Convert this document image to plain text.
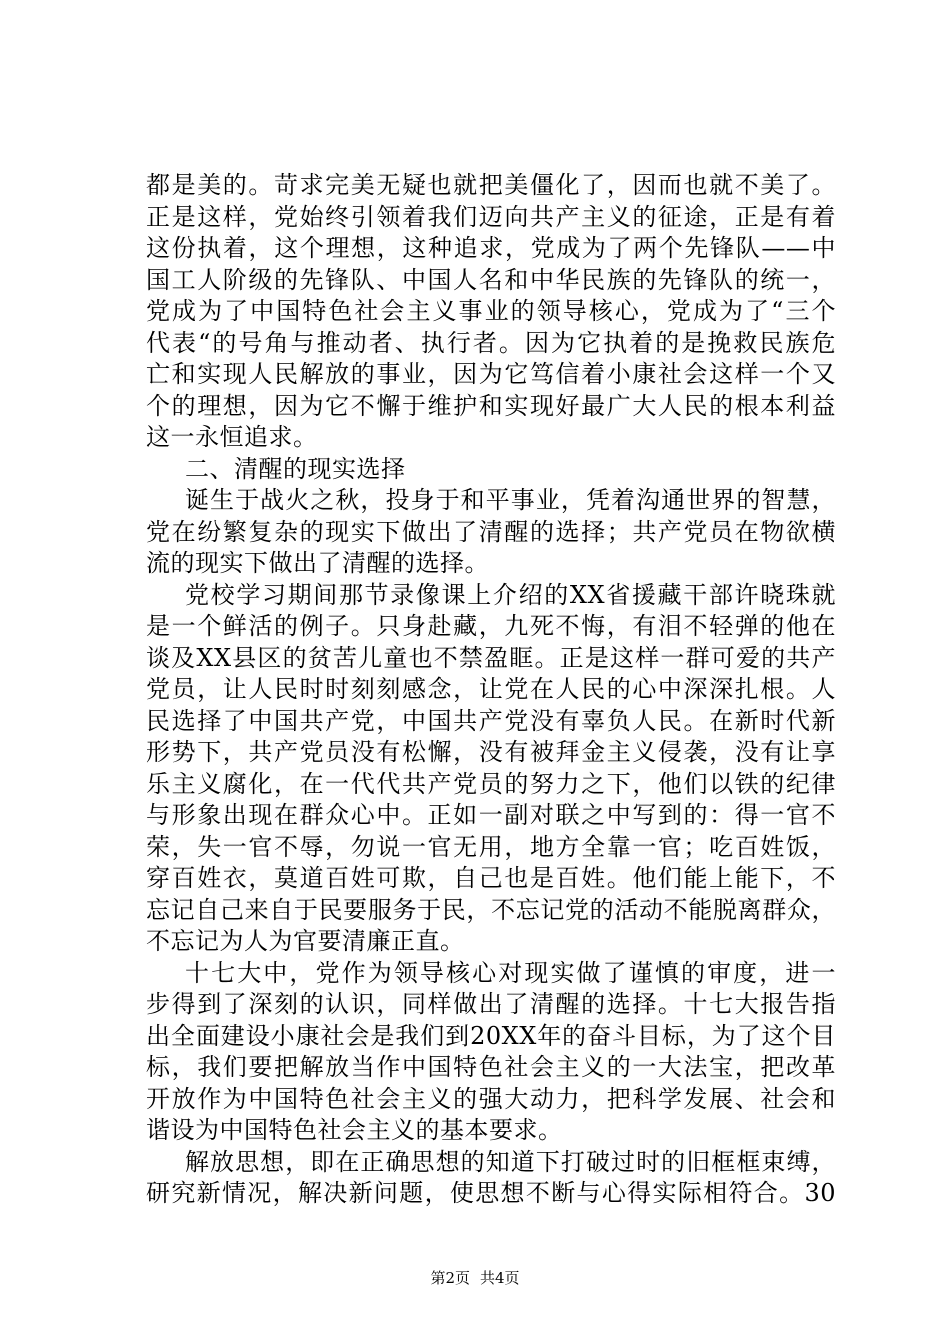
都是美的。苛求完美无疑也就把美僵化了，因而也就不美了。
正是这样，党始终引领着我们迈向共产主义的征途，正是有着
这份执着，这个理想，这种追求，党成为了两个先锋队——中
国工人阶级的先锋队、中国人名和中华民族的先锋队的统一，
党成为了中国特色社会主义事业的领导核心，党成为了“三个
代表“的号角与推动者、执行者。因为它执着的是挽救民族危
亡和实现人民解放的事业，因为它笃信着小康社会这样一个又
个的理想，因为它不懈于维护和实现好最广大人民的根本利益
这一永恒追求。
二、清醒的现实选择
诞生于战火之秋，投身于和平事业，凭着沟通世界的智慧，
党在纷繁复杂的现实下做出了清醒的选择；共产党员在物欲横
流的现实下做出了清醒的选择。
党校学习期间那节录像课上介绍的XX省援藏干部许晓珠就
是一个鲜活的例子。只身赴藏，九死不悔，有泪不轻弹的他在
谈及XX县区的贫苦儿童也不禁盈眶。正是这样一群可爱的共产
党员，让人民时时刻刻感念，让党在人民的心中深深扎根。人
民选择了中国共产党，中国共产党没有辜负人民。在新时代新
形势下，共产党员没有松懈，没有被拜金主义侵袭，没有让享
乐主义腐化，在一代代共产党员的努力之下，他们以铁的纪律
与形象出现在群众心中。正如一副对联之中写到的：得一官不
荣，失一官不辱，勿说一官无用，地方全靠一官；吃百姓饭，
穿百姓衣，莫道百姓可欺，自己也是百姓。他们能上能下，不
忘记自己来自于民要服务于民，不忘记党的活动不能脱离群众，
不忘记为人为官要清廉正直。
十七大中，党作为领导核心对现实做了谨慎的审度，进一
步得到了深刻的认识，同样做出了清醒的选择。十七大报告指
出全面建设小康社会是我们到20XX年的奋斗目标，为了这个目
标，我们要把解放当作中国特色社会主义的一大法宝，把改革
开放作为中国特色社会主义的强大动力，把科学发展、社会和
谐设为中国特色社会主义的基本要求。
解放思想，即在正确思想的知道下打破过时的旧框框束缚，
研究新情况，解决新问题，使思想不断与心得实际相符合。30
第2页 共4页
